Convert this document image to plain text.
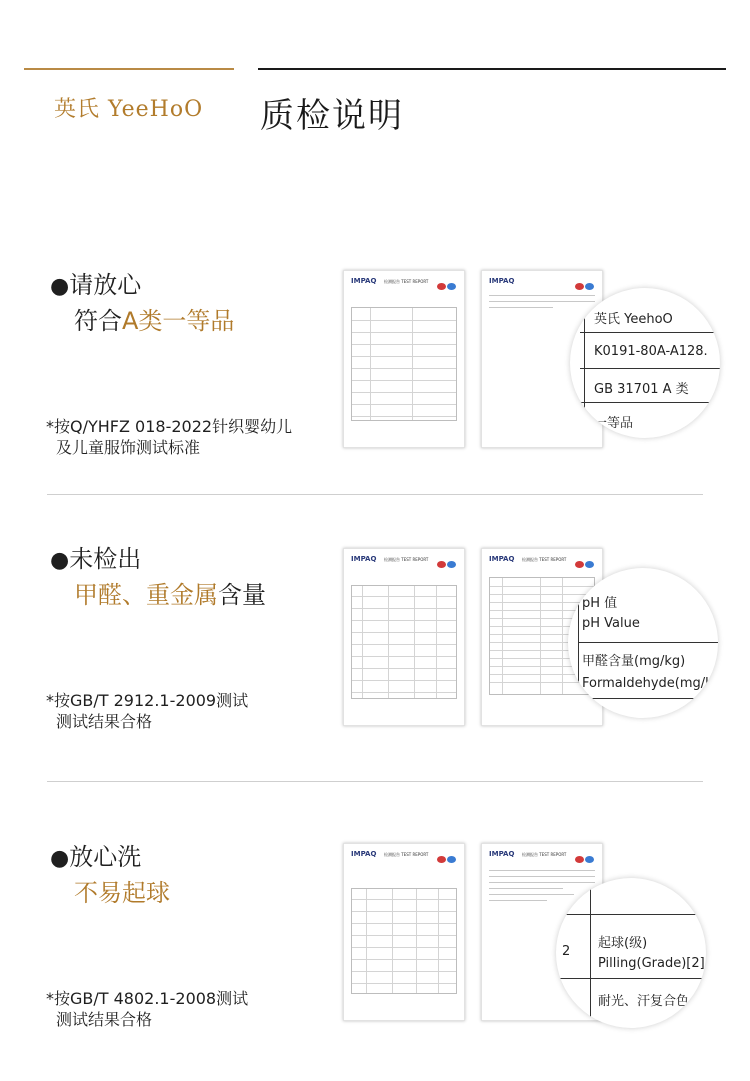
英氏 YeeHoO 质检说明
●请放心
符合A类一等品
*按Q/YHFZ 018-2022针织婴幼儿
及儿童服饰测试标准
IMPAQ 检测报告 TEST REPORT	IMPAQ
英氏 YeehoO
K0191-80A-A128.
GB 31701 A 类
一等品
●未检出
甲醛、重金属含量
*按GB/T 2912.1-2009测试
测试结果合格
IMPAQ 检测报告 TEST REPORT	IMPAQ 检测报告 TEST REPORT
pH 值
pH Value
甲醛含量(mg/kg)
Formaldehyde(mg/k
●放心洗
不易起球
*按GB/T 4802.1-2008测试
测试结果合格
IMPAQ 检测报告 TEST REPORT	IMPAQ 检测报告 TEST REPORT
2
起球(级)
Pilling(Grade)[2]
耐光、汗复合色
